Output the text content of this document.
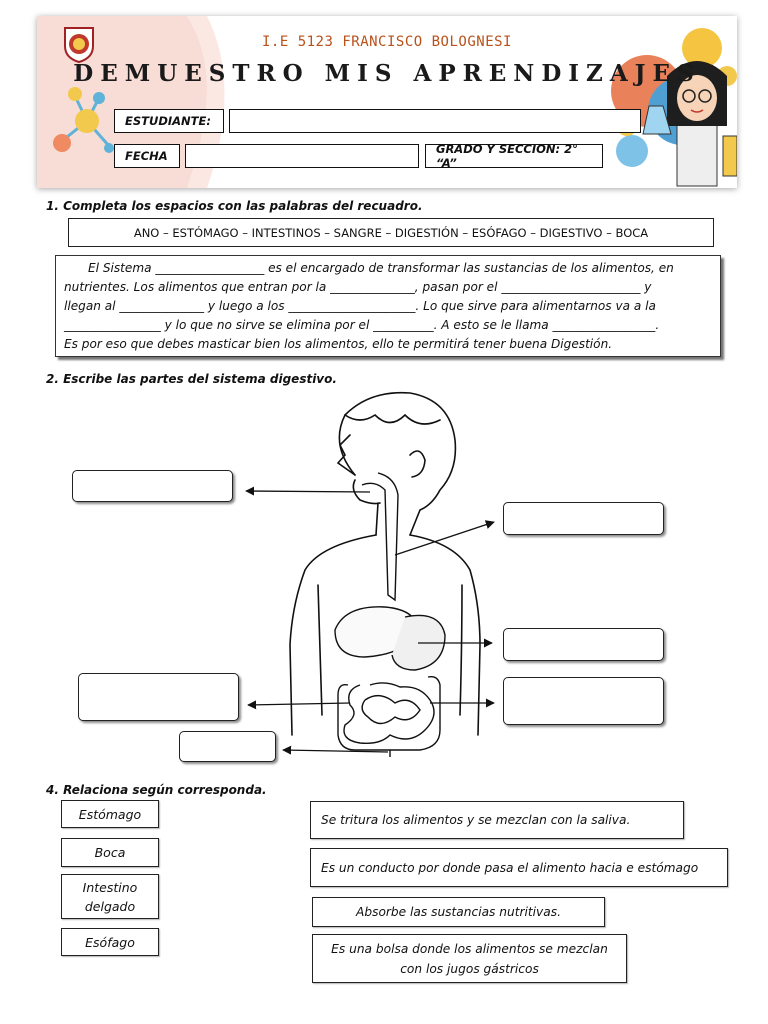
I.E 5123 FRANCISCO BOLOGNESI
DEMUESTRO MIS APRENDIZAJES
ESTUDIANTE:
FECHA	GRADO Y SECCION: 2° “A”
1. Completa los espacios con las palabras del recuadro.
ANO – ESTÓMAGO – INTESTINOS – SANGRE – DIGESTIÓN – ESÓFAGO – DIGESTIVO – BOCA
El Sistema __________________ es el encargado de transformar las sustancias de los alimentos, en
nutrientes. Los alimentos que entran por la ______________, pasan por el _______________________ y
llegan al ______________ y luego a los _____________________. Lo que sirve para alimentarnos va a la
________________ y lo que no sirve se elimina por el __________. A esto se le llama _________________.
Es por eso que debes masticar bien los alimentos, ello te permitirá tener buena Digestión.
2. Escribe las partes del sistema digestivo.
4. Relaciona según corresponda.
Estómago
Boca
Intestino delgado
Esófago
Se tritura los alimentos y se mezclan con la saliva.
Es un conducto por donde pasa el alimento hacia e estómago
Absorbe las sustancias nutritivas.
Es una bolsa donde los alimentos se mezclan con los jugos gástricos
